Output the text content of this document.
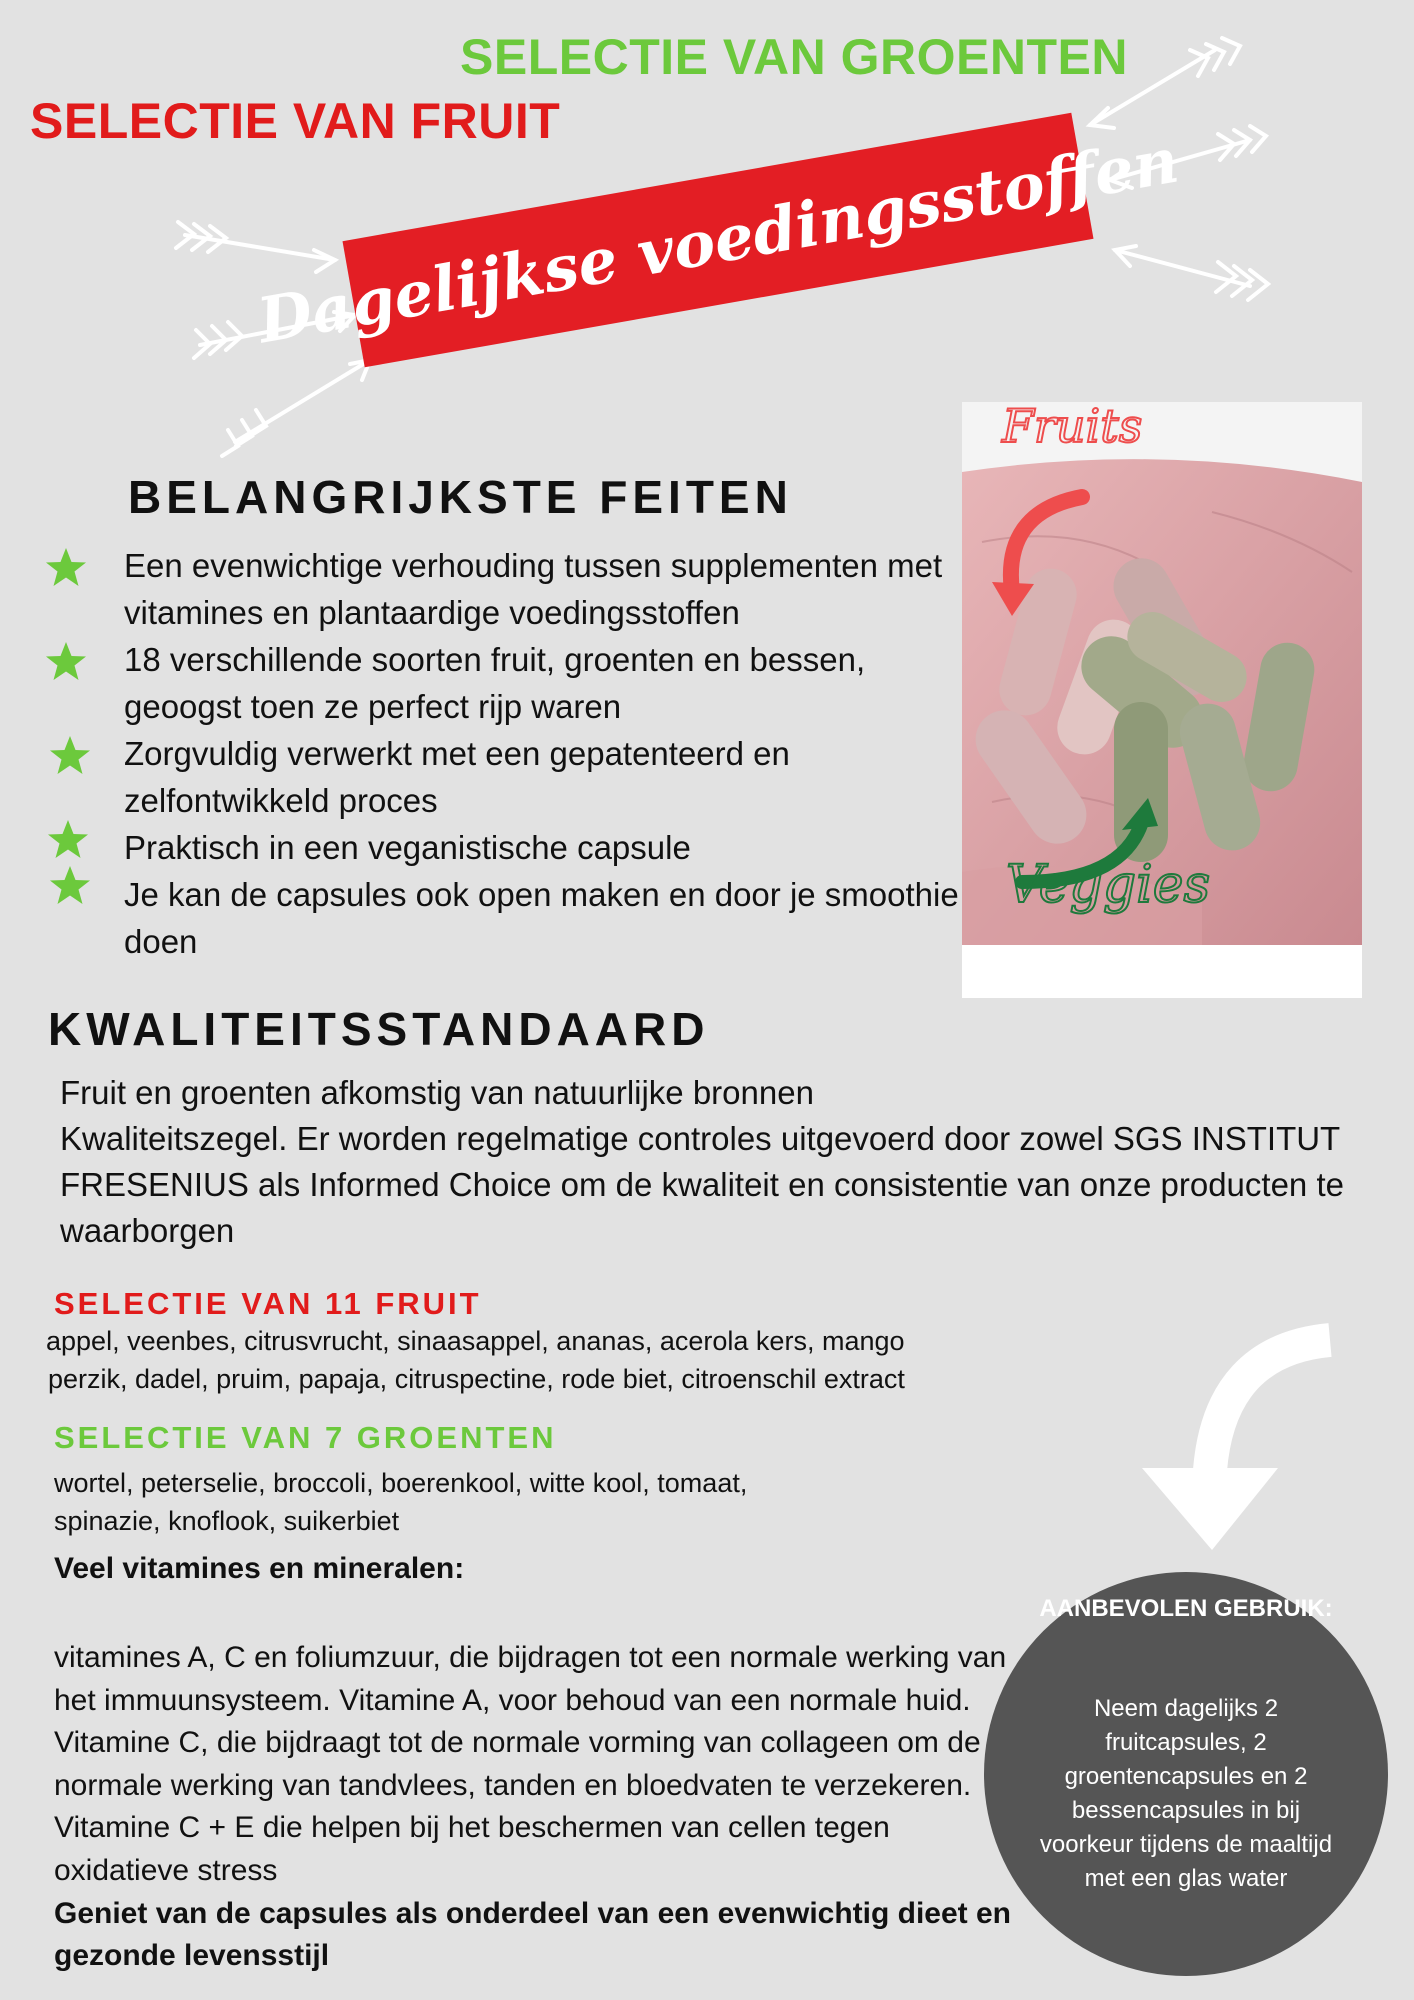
SELECTIE VAN GROENTEN
SELECTIE VAN FRUIT
Dagelijkse voedingsstoffen
BELANGRIJKSTE FEITEN
Een evenwichtige verhouding tussen supplementen met vitamines en plantaardige voedingsstoffen
18 verschillende soorten fruit, groenten en bessen, geoogst toen ze perfect rijp waren
Zorgvuldig verwerkt met een gepatenteerd en zelfontwikkeld proces
Praktisch in een veganistische capsule
Je kan de capsules ook open maken en door je smoothie doen
Fruits
Veggies
KWALITEITSSTANDAARD
Fruit en groenten afkomstig van natuurlijke bronnen
Kwaliteitszegel. Er worden regelmatige controles uitgevoerd door zowel SGS INSTITUT FRESENIUS als Informed Choice om de kwaliteit en consistentie van onze producten te waarborgen
SELECTIE VAN 11 FRUIT
appel, veenbes, citrusvrucht, sinaasappel, ananas, acerola kers, mango
perzik, dadel, pruim, papaja, citruspectine, rode biet, citroenschil extract
SELECTIE VAN 7 GROENTEN
wortel, peterselie, broccoli, boerenkool, witte kool, tomaat,
spinazie, knoflook, suikerbiet
Veel vitamines en mineralen:
vitamines A, C en foliumzuur, die bijdragen tot een normale werking van het immuunsysteem. Vitamine A, voor behoud van een normale huid. Vitamine C, die bijdraagt tot de normale vorming van collageen om de normale werking van tandvlees, tanden en bloedvaten te verzekeren. Vitamine C + E die helpen bij het beschermen van cellen tegen oxidatieve stress
Geniet van de capsules als onderdeel van een evenwichtig dieet en gezonde levensstijl
AANBEVOLEN GEBRUIK:
Neem dagelijks 2 fruitcapsules, 2 groentencapsules en 2 bessencapsules in bij voorkeur tijdens de maaltijd met een glas water
